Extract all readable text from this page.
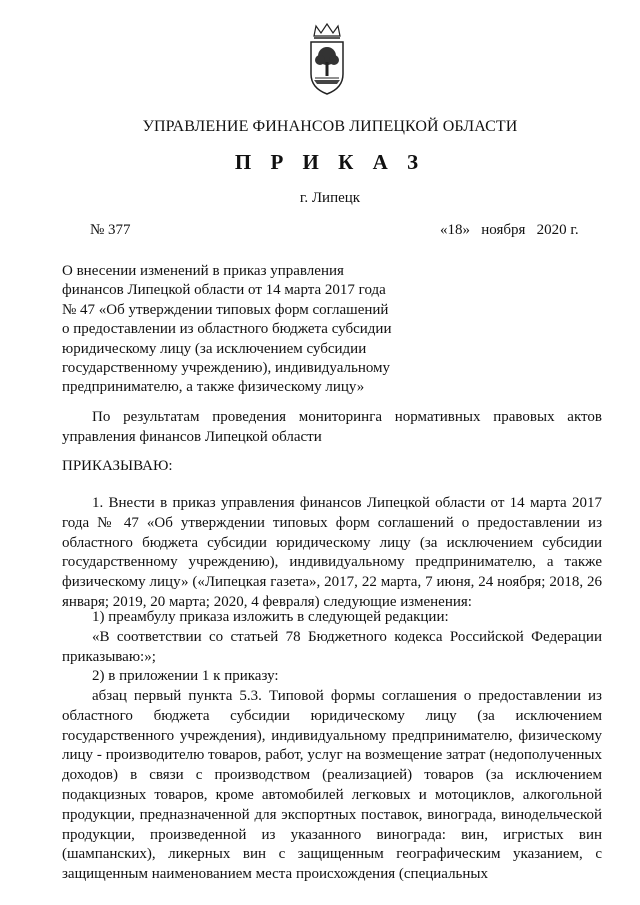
УПРАВЛЕНИЕ ФИНАНСОВ ЛИПЕЦКОЙ ОБЛАСТИ
П Р И К А З
г. Липецк
№ 377	«18»   ноября   2020 г.
О внесении изменений в приказ управления
финансов Липецкой области от 14 марта 2017 года
№ 47 «Об утверждении типовых форм соглашений
о предоставлении из областного бюджета субсидии
юридическому лицу (за исключением субсидии
государственному учреждению), индивидуальному
предпринимателю, а также физическому лицу»
По результатам проведения мониторинга нормативных правовых актов управления финансов Липецкой области
ПРИКАЗЫВАЮ:
1. Внести в приказ управления финансов Липецкой области от 14 марта 2017 года № 47 «Об утверждении типовых форм соглашений о предоставлении из областного бюджета субсидии юридическому лицу (за исключением субсидии государственному учреждению), индивидуальному предпринимателю, а также физическому лицу» («Липецкая газета», 2017, 22 марта, 7 июня, 24 ноября; 2018, 26 января; 2019, 20 марта; 2020, 4 февраля) следующие изменения:
1) преамбулу приказа изложить в следующей редакции:
«В соответствии со статьей 78 Бюджетного кодекса Российской Федерации приказываю:»;
2) в приложении 1 к приказу:
абзац первый пункта 5.3. Типовой формы соглашения о предоставлении из областного бюджета субсидии юридическому лицу (за исключением государственного учреждения), индивидуальному предпринимателю, физическому лицу - производителю товаров, работ, услуг на возмещение затрат (недополученных доходов) в связи с производством (реализацией) товаров (за исключением подакцизных товаров, кроме автомобилей легковых и мотоциклов, алкогольной продукции, предназначенной для экспортных поставок, винограда, винодельческой продукции, произведенной из указанного винограда: вин, игристых вин (шампанских), ликерных вин с защищенным географическим указанием, с защищенным наименованием места происхождения (специальных
